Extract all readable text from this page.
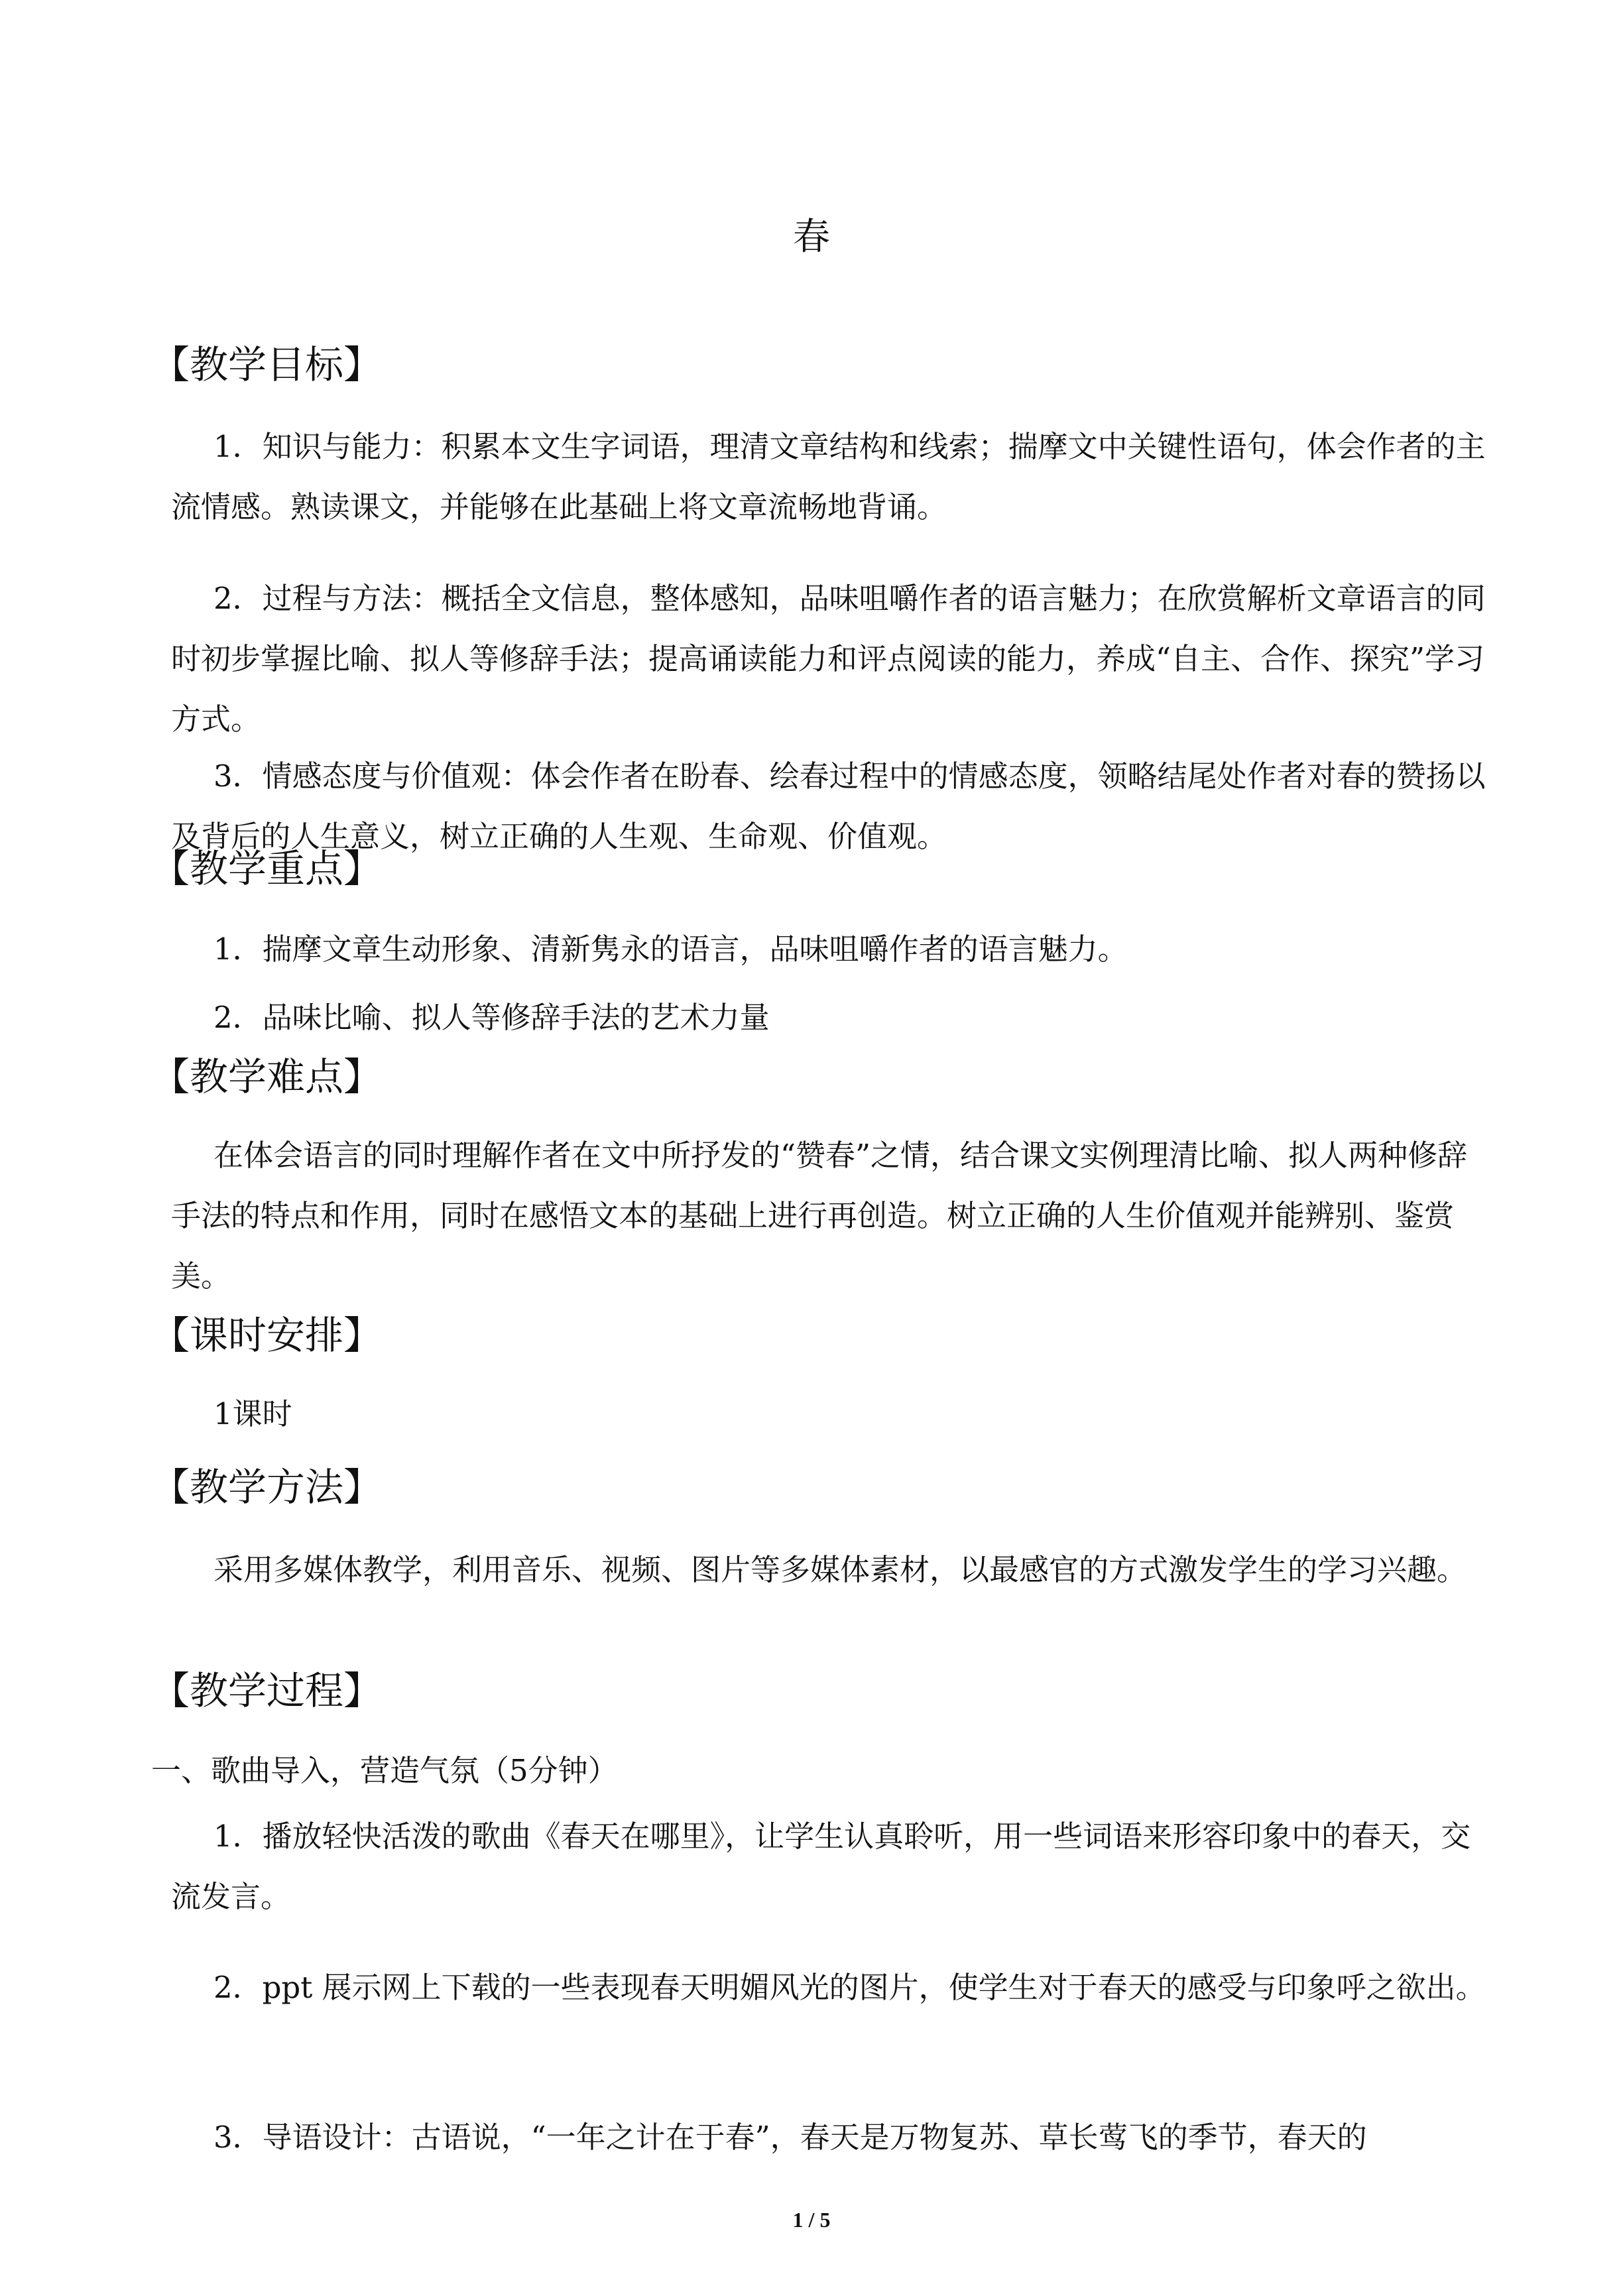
春
【教学目标】
1．知识与能力：积累本文生字词语，理清文章结构和线索；揣摩文中关键性语句，体会作者的主流情感。熟读课文，并能够在此基础上将文章流畅地背诵。
2．过程与方法：概括全文信息，整体感知，品味咀嚼作者的语言魅力；在欣赏解析文章语言的同时初步掌握比喻、拟人等修辞手法；提高诵读能力和评点阅读的能力，养成“自主、合作、探究”学习方式。
3．情感态度与价值观：体会作者在盼春、绘春过程中的情感态度，领略结尾处作者对春的赞扬以及背后的人生意义，树立正确的人生观、生命观、价值观。
【教学重点】
1．揣摩文章生动形象、清新隽永的语言，品味咀嚼作者的语言魅力。
2．品味比喻、拟人等修辞手法的艺术力量
【教学难点】
在体会语言的同时理解作者在文中所抒发的“赞春”之情，结合课文实例理清比喻、拟人两种修辞手法的特点和作用，同时在感悟文本的基础上进行再创造。树立正确的人生价值观并能辨别、鉴赏美。
【课时安排】
1课时
【教学方法】
采用多媒体教学，利用音乐、视频、图片等多媒体素材，以最感官的方式激发学生的学习兴趣。
【教学过程】
一、歌曲导入，营造气氛（5分钟）
1．播放轻快活泼的歌曲《春天在哪里》，让学生认真聆听，用一些词语来形容印象中的春天，交流发言。
2．ppt 展示网上下载的一些表现春天明媚风光的图片，使学生对于春天的感受与印象呼之欲出。
3．导语设计：古语说，“一年之计在于春”，春天是万物复苏、草长莺飞的季节，春天的
1 / 5
